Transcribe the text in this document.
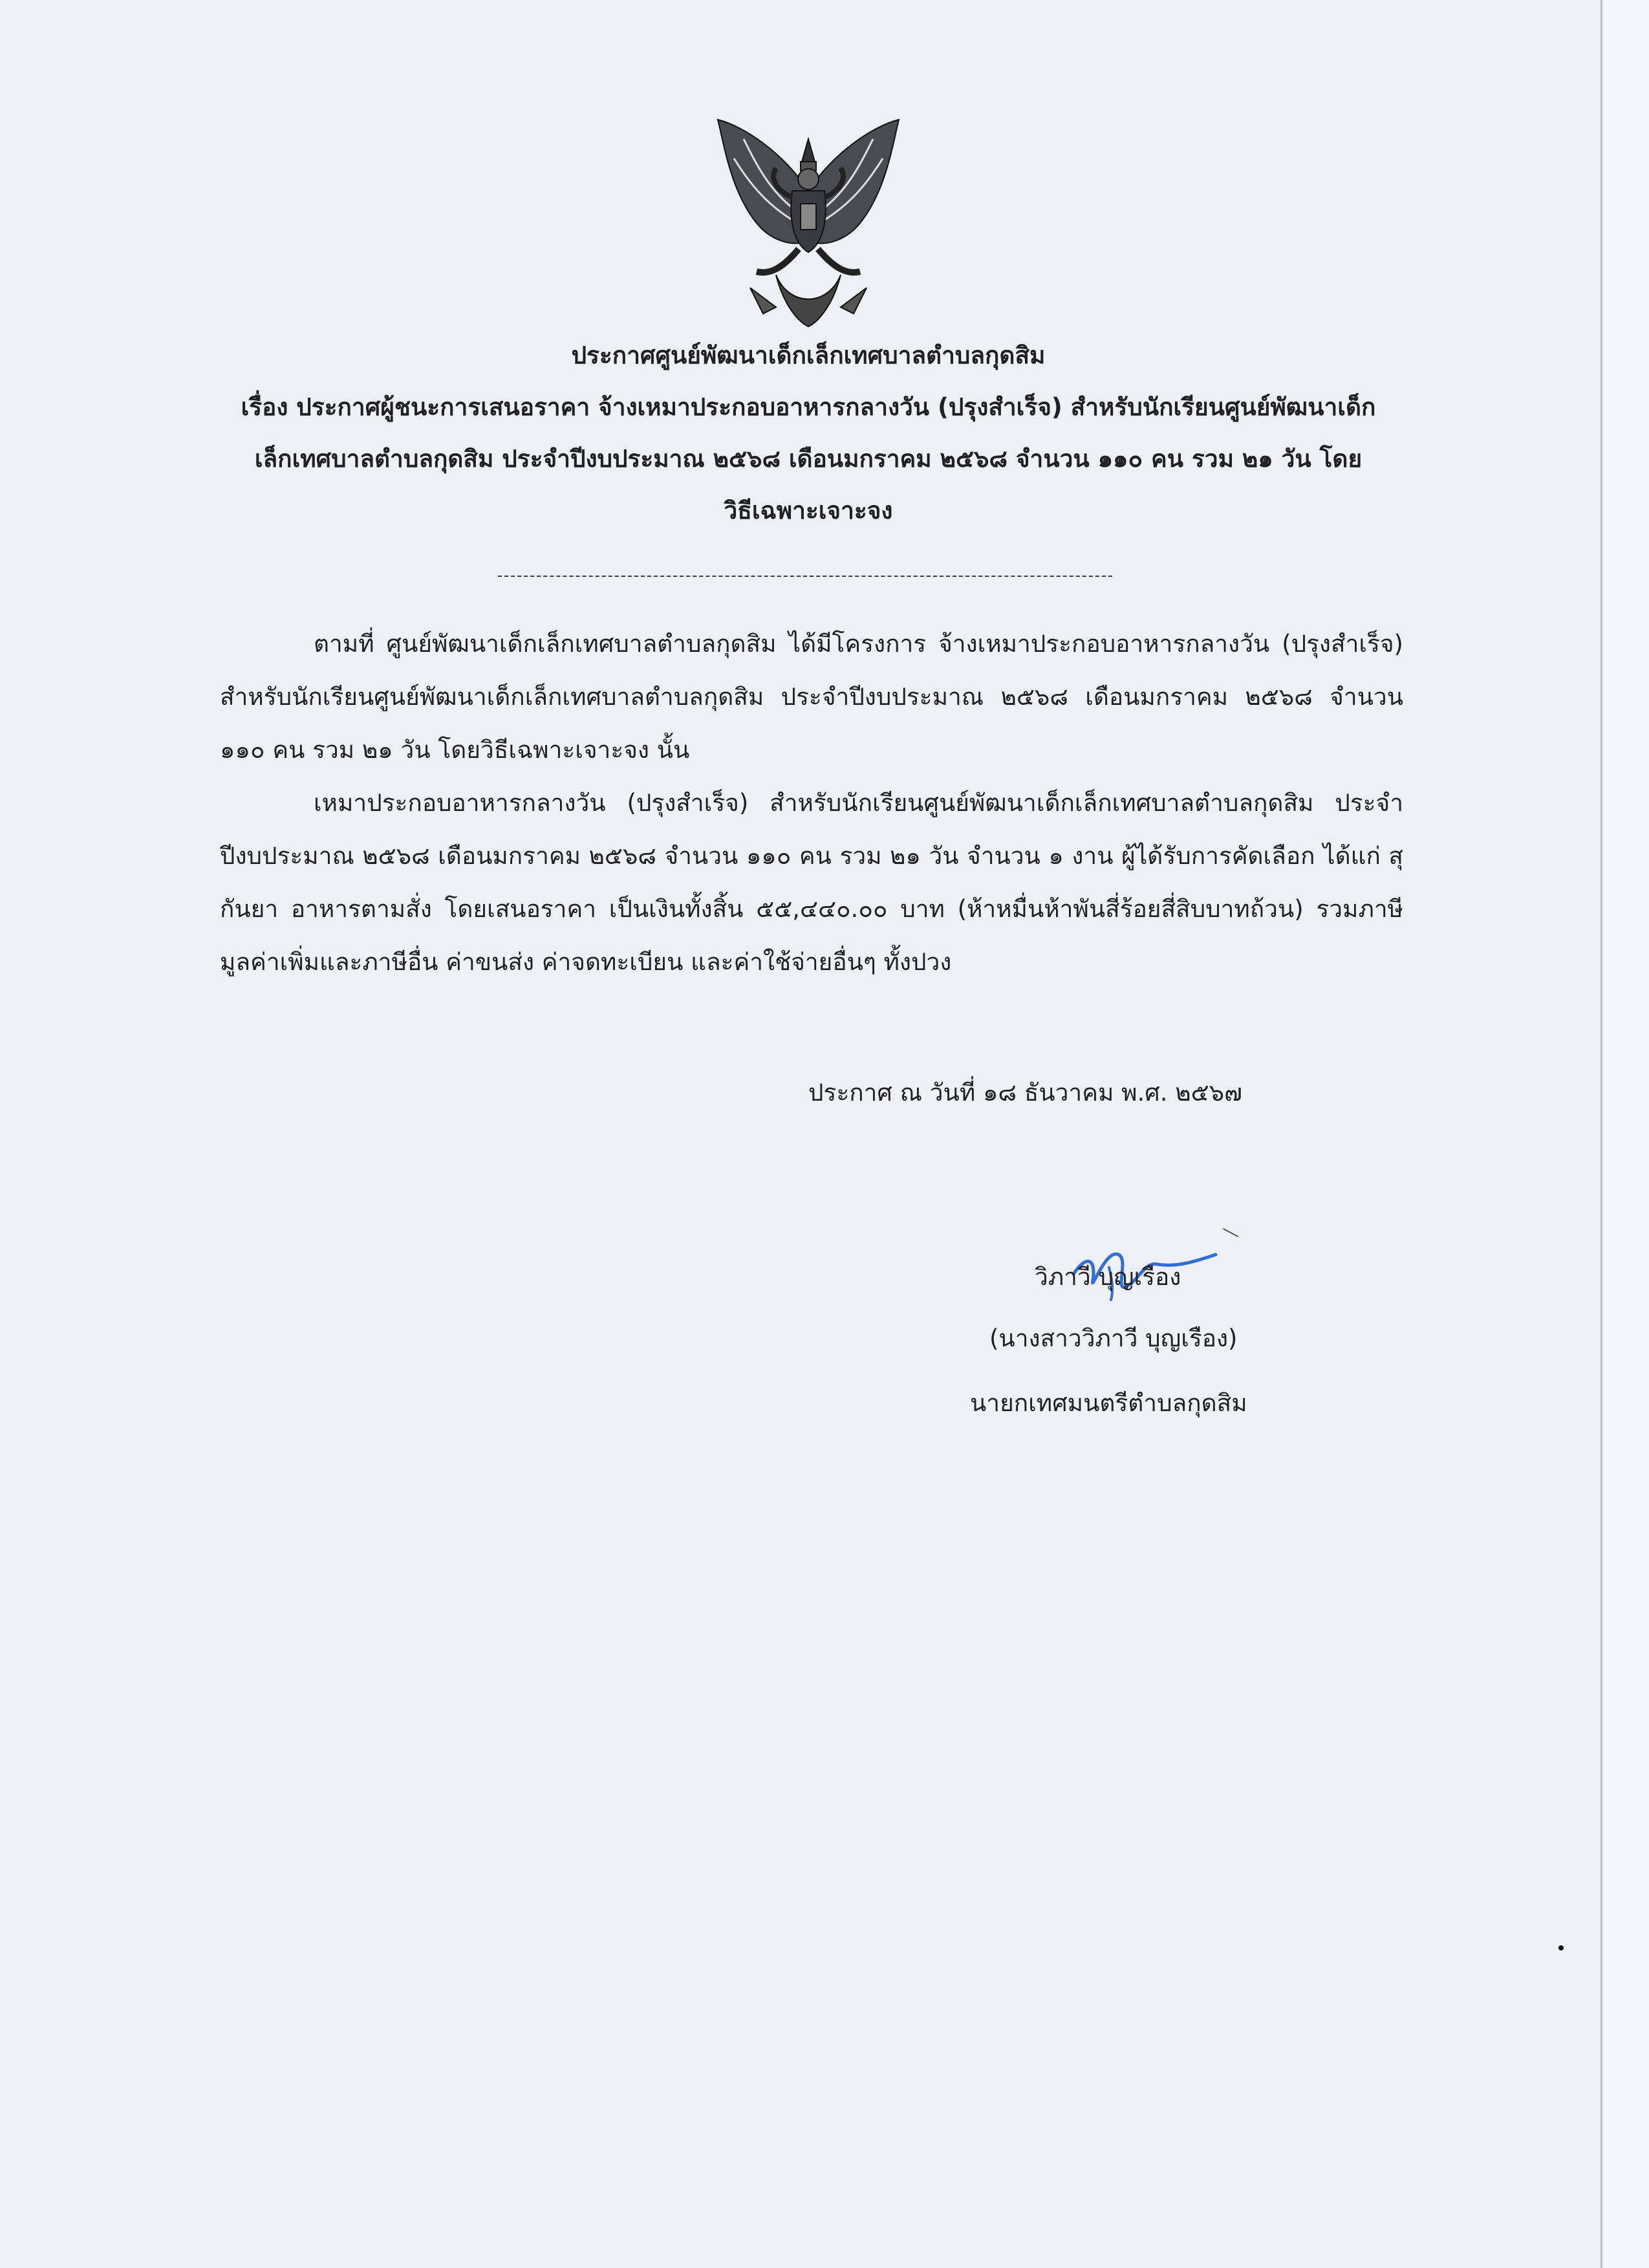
ประกาศศูนย์พัฒนาเด็กเล็กเทศบาลตำบลกุดสิม
เรื่อง ประกาศผู้ชนะการเสนอราคา จ้างเหมาประกอบอาหารกลางวัน (ปรุงสำเร็จ) สำหรับนักเรียนศูนย์พัฒนาเด็ก
เล็กเทศบาลตำบลกุดสิม ประจำปีงบประมาณ ๒๕๖๘ เดือนมกราคม ๒๕๖๘ จำนวน ๑๑๐ คน รวม ๒๑ วัน โดย
วิธีเฉพาะเจาะจง
ตามที่ ศูนย์พัฒนาเด็กเล็กเทศบาลตำบลกุดสิม ได้มีโครงการ จ้างเหมาประกอบอาหารกลางวัน (ปรุงสำเร็จ) สำหรับนักเรียนศูนย์พัฒนาเด็กเล็กเทศบาลตำบลกุดสิม ประจำปีงบประมาณ ๒๕๖๘ เดือนมกราคม ๒๕๖๘ จำนวน ๑๑๐ คน รวม ๒๑ วัน โดยวิธีเฉพาะเจาะจง นั้น
เหมาประกอบอาหารกลางวัน (ปรุงสำเร็จ) สำหรับนักเรียนศูนย์พัฒนาเด็กเล็กเทศบาลตำบลกุดสิม ประจำปีงบประมาณ ๒๕๖๘ เดือนมกราคม ๒๕๖๘ จำนวน ๑๑๐ คน รวม ๒๑ วัน จำนวน ๑ งาน ผู้ได้รับการคัดเลือก ได้แก่ สุกันยา อาหารตามสั่ง โดยเสนอราคา เป็นเงินทั้งสิ้น ๕๕,๔๔๐.๐๐ บาท (ห้าหมื่นห้าพันสี่ร้อยสี่สิบบาทถ้วน) รวมภาษีมูลค่าเพิ่มและภาษีอื่น ค่าขนส่ง ค่าจดทะเบียน และค่าใช้จ่ายอื่นๆ ทั้งปวง
ประกาศ ณ วันที่ ๑๘ ธันวาคม พ.ศ. ๒๕๖๗
วิภาวี บุญเรือง
(นางสาววิภาวี บุญเรือง)
นายกเทศมนตรีตำบลกุดสิม
